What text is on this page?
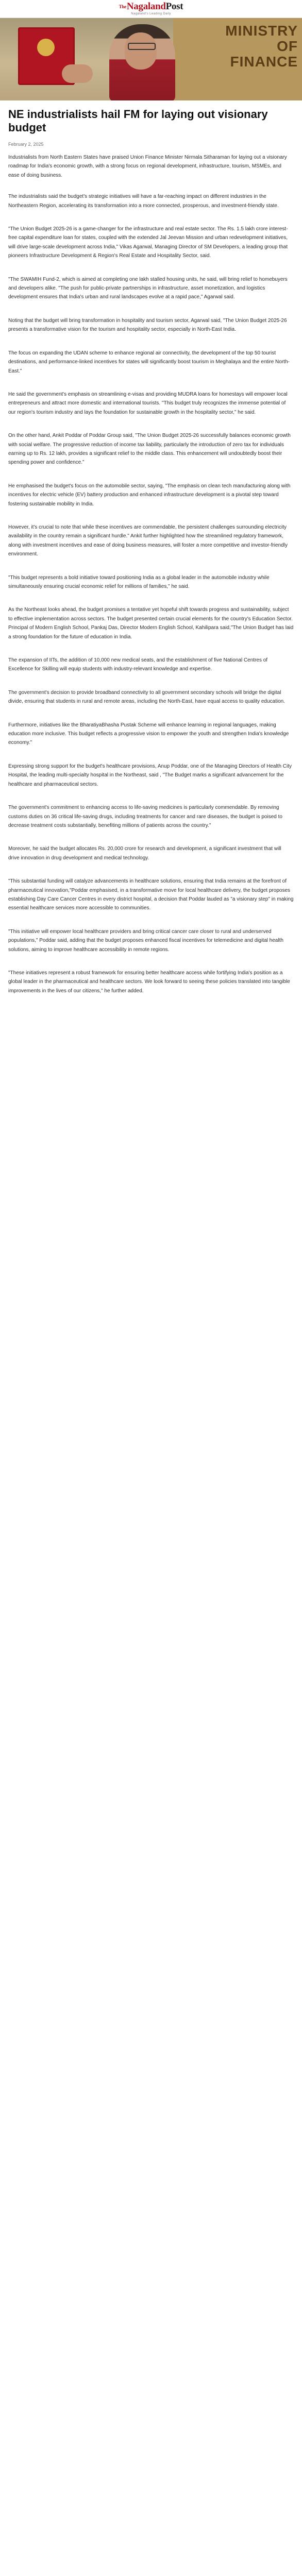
$^{The}$NagalandPost
Nagaland's Leading Daily
MINISTRY OF FINANCE
NE industrialists hail FM for laying out visionary budget
February 2, 2025

Industrialists from North Eastern States have praised Union Finance Minister Nirmala Sitharaman for laying out a visionary roadmap for India's economic growth, with a strong focus on regional development, infrastructure, tourism, MSMEs, and ease of doing business.

The industrialists said the budget's strategic initiatives will have a far-reaching impact on different industries in the Northeastern Region, accelerating its transformation into a more connected, prosperous, and investment-friendly state.

"The Union Budget 2025-26 is a game-changer for the infrastructure and real estate sector. The Rs. 1.5 lakh crore interest-free capital expenditure loan for states, coupled with the extended Jal Jeevan Mission and urban redevelopment initiatives, will drive large-scale development across India," Vikas Agarwal, Managing Director of SM Developers, a leading group that pioneers Infrastructure Development & Region's Real Estate and Hospitality Sector, said.

"The SWAMIH Fund-2, which is aimed at completing one lakh stalled housing units, he said, will bring relief to homebuyers and developers alike. "The push for public-private partnerships in infrastructure, asset monetization, and logistics development ensures that India's urban and rural landscapes evolve at a rapid pace," Agarwal said.

Noting that the budget will bring transformation in hospitality and tourism sector, Agarwal said, "The Union Budget 2025-26 presents a transformative vision for the tourism and hospitality sector, especially in North-East India.

The focus on expanding the UDAN scheme to enhance regional air connectivity, the development of the top 50 tourist destinations, and performance-linked incentives for states will significantly boost tourism in Meghalaya and the entire North-East."

He said the government's emphasis on streamlining e-visas and providing MUDRA loans for homestays will empower local entrepreneurs and attract more domestic and international tourists. "This budget truly recognizes the immense potential of our region's tourism industry and lays the foundation for sustainable growth in the hospitality sector," he said.

On the other hand, Ankit Poddar of Poddar Group said, "The Union Budget 2025-26 successfully balances economic growth with social welfare. The progressive reduction of income tax liability, particularly the introduction of zero tax for individuals earning up to Rs. 12 lakh, provides a significant relief to the middle class. This enhancement will undoubtedly boost their spending power and confidence."

He emphasised the budget's focus on the automobile sector, saying, "The emphasis on clean tech manufacturing along with incentives for electric vehicle (EV) battery production and enhanced infrastructure development is a pivotal step toward fostering sustainable mobility in India.

However, it's crucial to note that while these incentives are commendable, the persistent challenges surrounding electricity availability in the country remain a significant hurdle." Ankit further highlighted how the streamlined regulatory framework, along with investment incentives and ease of doing business measures, will foster a more competitive and investor-friendly environment.

"This budget represents a bold initiative toward positioning India as a global leader in the automobile industry while simultaneously ensuring crucial economic relief for millions of families," he said.

As the Northeast looks ahead, the budget promises a tentative yet hopeful shift towards progress and sustainability, subject to effective implementation across sectors. The budget presented certain crucial elements for the country's Education Sector. Principal of Modern English School, Pankaj Das, Director Modern English School, Kahilipara said,"The Union Budget has laid a strong foundation for the future of education in India.

The expansion of IITs, the addition of 10,000 new medical seats, and the establishment of five National Centres of Excellence for Skilling will equip students with industry-relevant knowledge and expertise.

The government's decision to provide broadband connectivity to all government secondary schools will bridge the digital divide, ensuring that students in rural and remote areas, including the North-East, have equal access to quality education.

Furthermore, initiatives like the BharatiyaBhasha Pustak Scheme will enhance learning in regional languages, making education more inclusive. This budget reflects a progressive vision to empower the youth and strengthen India's knowledge economy."

Expressing strong support for the budget's healthcare provisions, Anup Poddar, one of the Managing Directors of Health City Hospital, the leading multi-specialty hospital in the Northeast, said , "The Budget marks a significant advancement for the healthcare and pharmaceutical sectors.

The government's commitment to enhancing access to life-saving medicines is particularly commendable. By removing customs duties on 36 critical life-saving drugs, including treatments for cancer and rare diseases, the budget is poised to decrease treatment costs substantially, benefiting millions of patients across the country."

Moreover, he said the budget allocates Rs. 20,000 crore for research and development, a significant investment that will drive innovation in drug development and medical technology.

"This substantial funding will catalyze advancements in healthcare solutions, ensuring that India remains at the forefront of pharmaceutical innovation,"Poddar emphasised, in a transformative move for local healthcare delivery, the budget proposes establishing Day Care Cancer Centres in every district hospital, a decision that Poddar lauded as "a visionary step" in making essential healthcare services more accessible to communities.

"This initiative will empower local healthcare providers and bring critical cancer care closer to rural and underserved populations," Poddar said, adding that the budget proposes enhanced fiscal incentives for telemedicine and digital health solutions, aiming to improve healthcare accessibility in remote regions.

"These initiatives represent a robust framework for ensuring better healthcare access while fortifying India's position as a global leader in the pharmaceutical and healthcare sectors. We look forward to seeing these policies translated into tangible improvements in the lives of our citizens," he further added.
